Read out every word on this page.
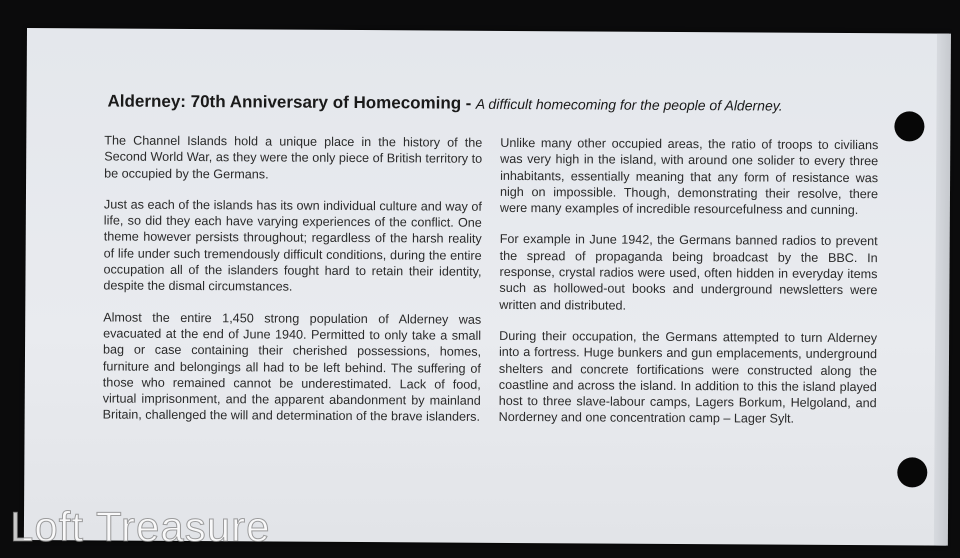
Alderney: 70th Anniversary of Homecoming - A difficult homecoming for the people of Alderney.

The Channel Islands hold a unique place in the history of the Second World War, as they were the only piece of British territory to be occupied by the Germans.

Just as each of the islands has its own individual culture and way of life, so did they each have varying experiences of the conflict. One theme however persists throughout; regardless of the harsh reality of life under such tremendously difficult conditions, during the entire occupation all of the islanders fought hard to retain their identity, despite the dismal circumstances.

Almost the entire 1,450 strong population of Alderney was evacuated at the end of June 1940. Permitted to only take a small bag or case containing their cherished possessions, homes, furniture and belongings all had to be left behind. The suffering of those who remained cannot be underestimated. Lack of food, virtual imprisonment, and the apparent abandonment by mainland Britain, challenged the will and determination of the brave islanders.

Unlike many other occupied areas, the ratio of troops to civilians was very high in the island, with around one solider to every three inhabitants, essentially meaning that any form of resistance was nigh on impossible. Though, demonstrating their resolve, there were many examples of incredible resourcefulness and cunning.

For example in June 1942, the Germans banned radios to prevent the spread of propaganda being broadcast by the BBC. In response, crystal radios were used, often hidden in everyday items such as hollowed-out books and underground newsletters were written and distributed.

During their occupation, the Germans attempted to turn Alderney into a fortress. Huge bunkers and gun emplacements, underground shelters and concrete fortifications were constructed along the coastline and across the island. In addition to this the island played host to three slave-labour camps, Lagers Borkum, Helgoland, and Norderney and one concentration camp – Lager Sylt.

Loft Treasure
